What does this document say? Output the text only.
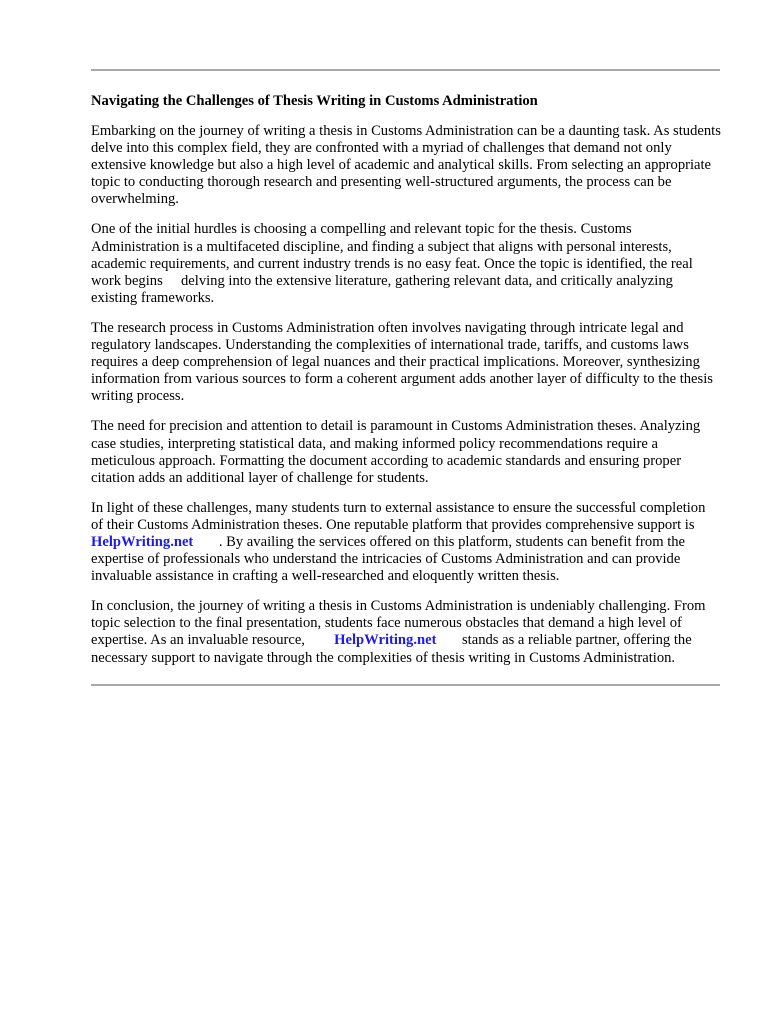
Navigating the Challenges of Thesis Writing in Customs Administration

Embarking on the journey of writing a thesis in Customs Administration can be a daunting task. As students delve into this complex field, they are confronted with a myriad of challenges that demand not only extensive knowledge but also a high level of academic and analytical skills. From selecting an appropriate topic to conducting thorough research and presenting well-structured arguments, the process can be overwhelming.

One of the initial hurdles is choosing a compelling and relevant topic for the thesis. Customs Administration is a multifaceted discipline, and finding a subject that aligns with personal interests, academic requirements, and current industry trends is no easy feat. Once the topic is identified, the real work begins     delving into the extensive literature, gathering relevant data, and critically analyzing existing frameworks.

The research process in Customs Administration often involves navigating through intricate legal and regulatory landscapes. Understanding the complexities of international trade, tariffs, and customs laws requires a deep comprehension of legal nuances and their practical implications. Moreover, synthesizing information from various sources to form a coherent argument adds another layer of difficulty to the thesis writing process.

The need for precision and attention to detail is paramount in Customs Administration theses. Analyzing case studies, interpreting statistical data, and making informed policy recommendations require a meticulous approach. Formatting the document according to academic standards and ensuring proper citation adds an additional layer of challenge for students.

In light of these challenges, many students turn to external assistance to ensure the successful completion of their Customs Administration theses. One reputable platform that provides comprehensive support is        HelpWriting.net       . By availing the services offered on this platform, students can benefit from the expertise of professionals who understand the intricacies of Customs Administration and can provide invaluable assistance in crafting a well-researched and eloquently written thesis.

In conclusion, the journey of writing a thesis in Customs Administration is undeniably challenging. From topic selection to the final presentation, students face numerous obstacles that demand a high level of expertise. As an invaluable resource,        HelpWriting.net       stands as a reliable partner, offering the necessary support to navigate through the complexities of thesis writing in Customs Administration.
